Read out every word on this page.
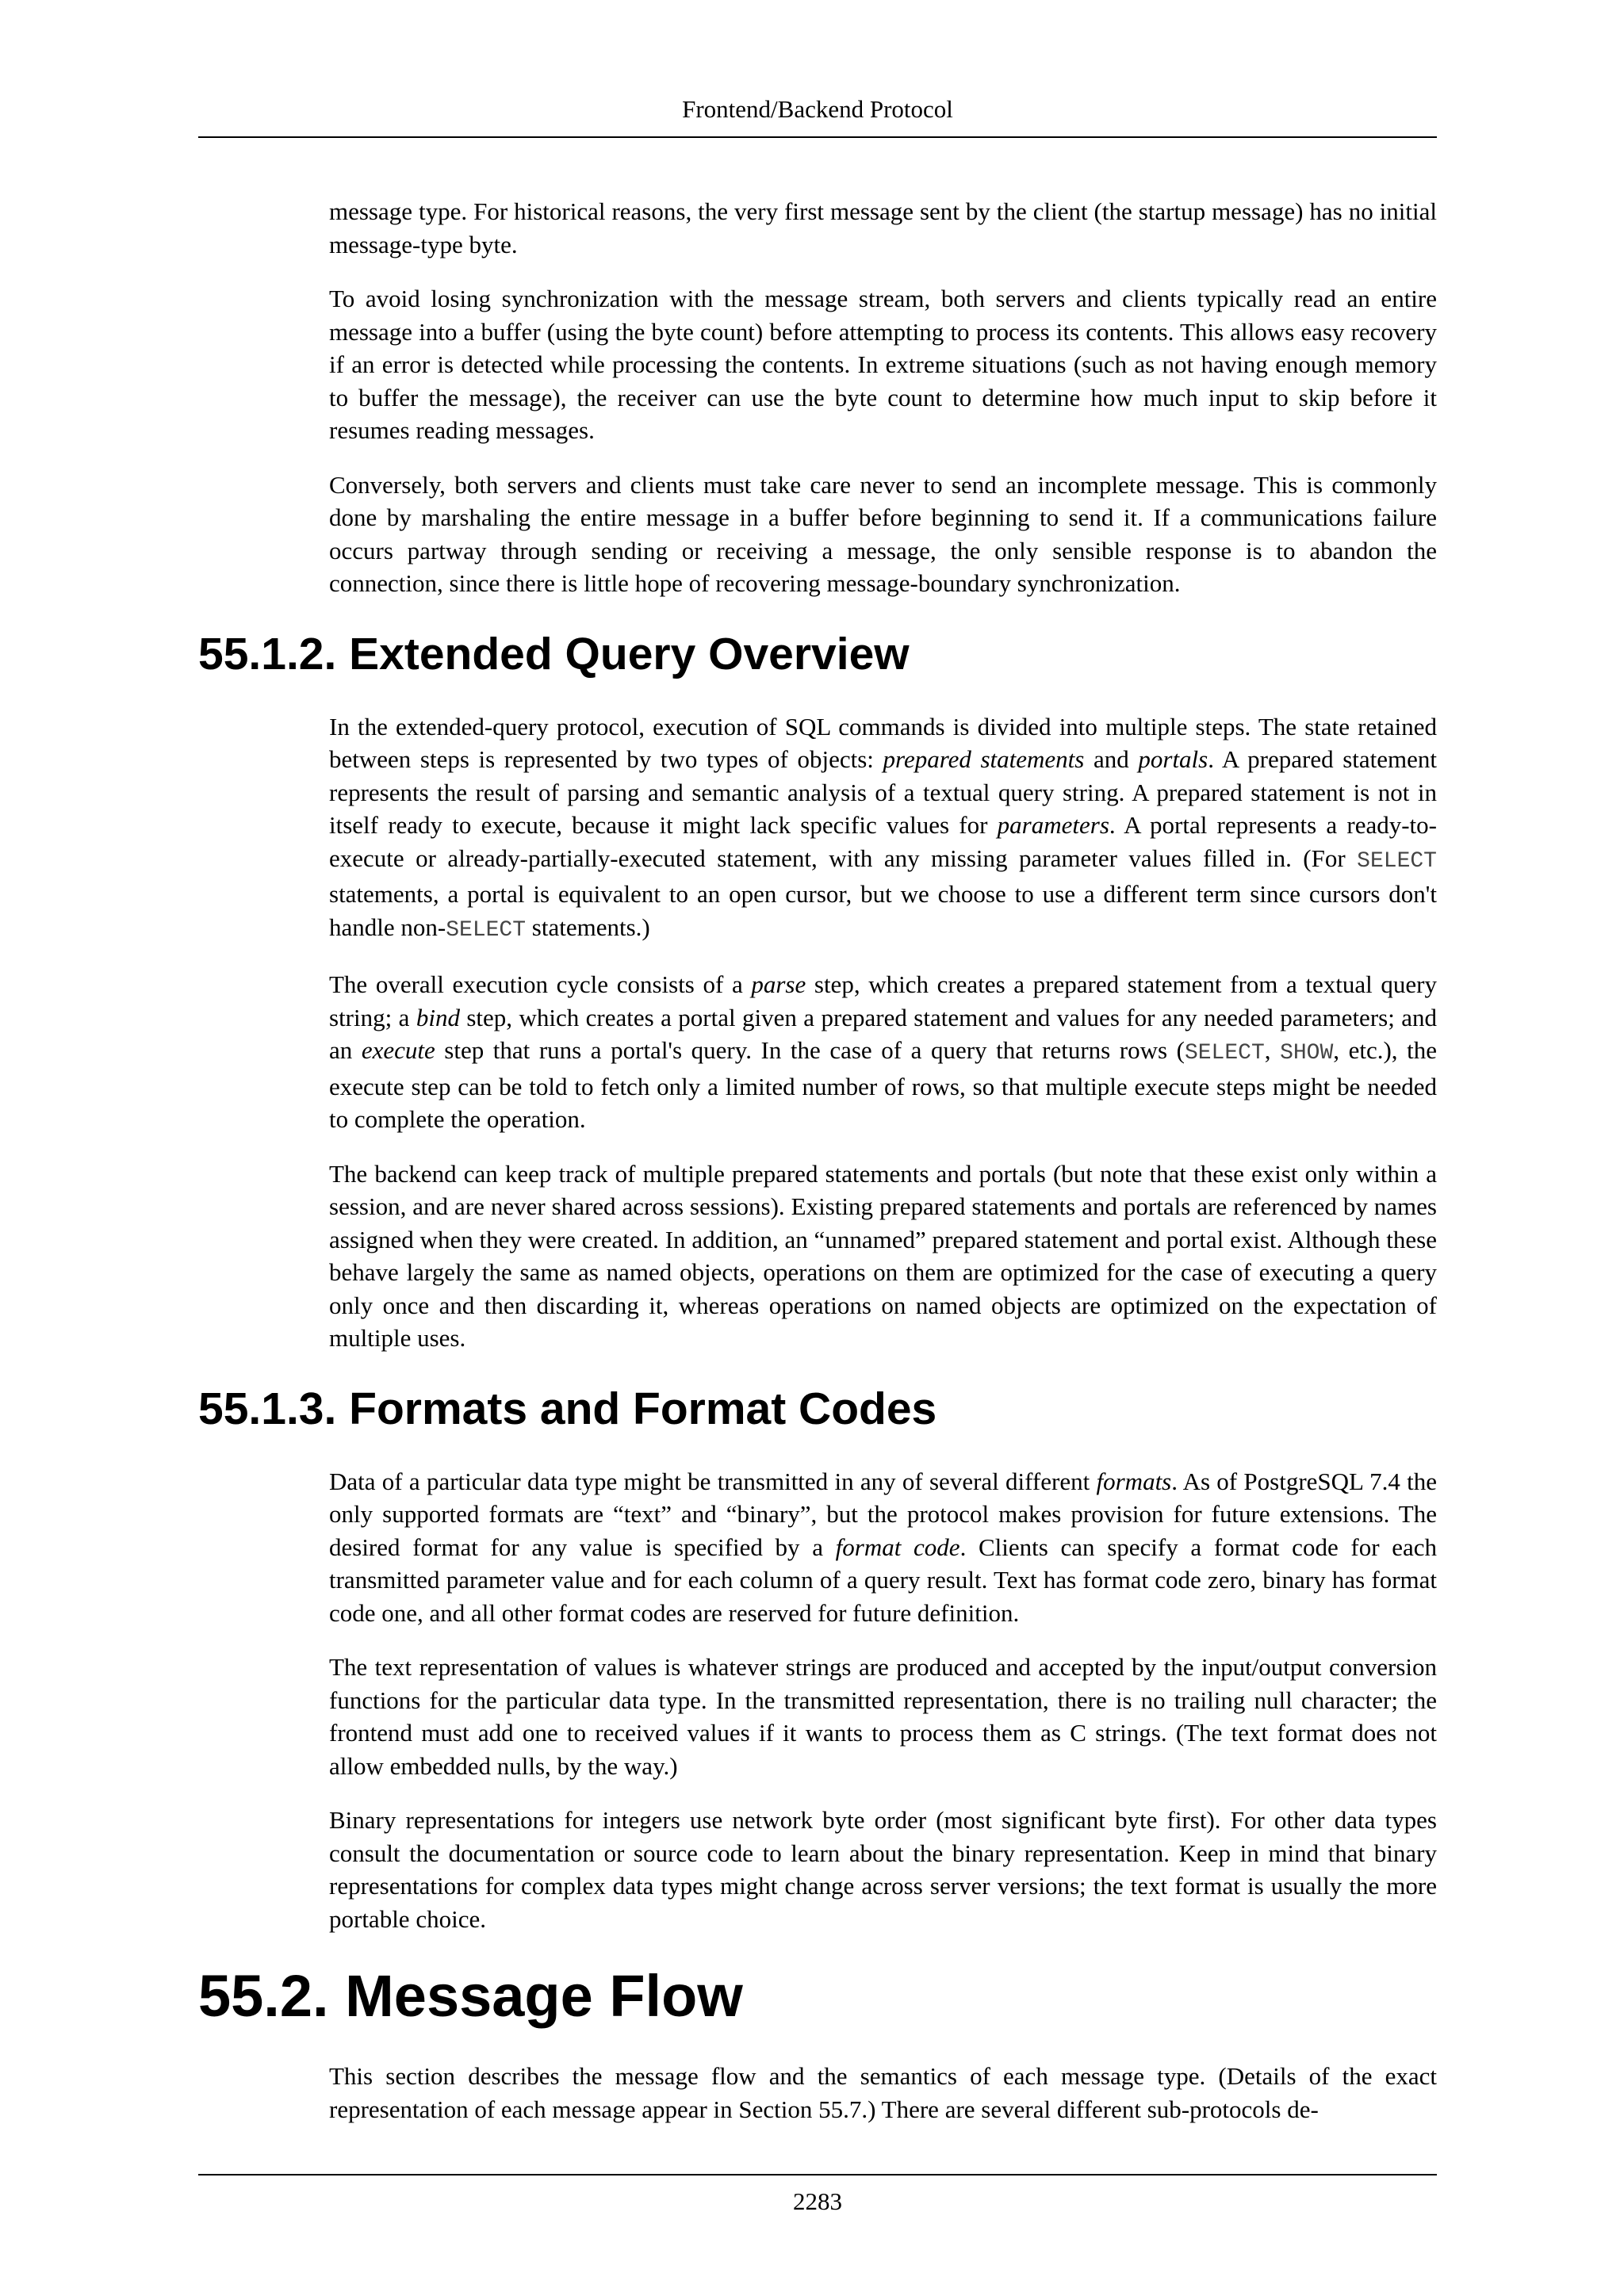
Frontend/Backend Protocol

message type. For historical reasons, the very first message sent by the client (the startup message) has no initial message-type byte.

To avoid losing synchronization with the message stream, both servers and clients typically read an entire message into a buffer (using the byte count) before attempting to process its contents. This allows easy recovery if an error is detected while processing the contents. In extreme situations (such as not having enough memory to buffer the message), the receiver can use the byte count to determine how much input to skip before it resumes reading messages.

Conversely, both servers and clients must take care never to send an incomplete message. This is commonly done by marshaling the entire message in a buffer before beginning to send it. If a communications failure occurs partway through sending or receiving a message, the only sensible response is to abandon the connection, since there is little hope of recovering message-boundary synchronization.

55.1.2. Extended Query Overview

In the extended-query protocol, execution of SQL commands is divided into multiple steps. The state retained between steps is represented by two types of objects: prepared statements and portals. A prepared statement represents the result of parsing and semantic analysis of a textual query string. A prepared statement is not in itself ready to execute, because it might lack specific values for parameters. A portal represents a ready-to-execute or already-partially-executed statement, with any missing parameter values filled in. (For SELECT statements, a portal is equivalent to an open cursor, but we choose to use a different term since cursors don't handle non-SELECT statements.)

The overall execution cycle consists of a parse step, which creates a prepared statement from a textual query string; a bind step, which creates a portal given a prepared statement and values for any needed parameters; and an execute step that runs a portal's query. In the case of a query that returns rows (SELECT, SHOW, etc.), the execute step can be told to fetch only a limited number of rows, so that multiple execute steps might be needed to complete the operation.

The backend can keep track of multiple prepared statements and portals (but note that these exist only within a session, and are never shared across sessions). Existing prepared statements and portals are referenced by names assigned when they were created. In addition, an “unnamed” prepared statement and portal exist. Although these behave largely the same as named objects, operations on them are optimized for the case of executing a query only once and then discarding it, whereas operations on named objects are optimized on the expectation of multiple uses.

55.1.3. Formats and Format Codes

Data of a particular data type might be transmitted in any of several different formats. As of PostgreSQL 7.4 the only supported formats are “text” and “binary”, but the protocol makes provision for future extensions. The desired format for any value is specified by a format code. Clients can specify a format code for each transmitted parameter value and for each column of a query result. Text has format code zero, binary has format code one, and all other format codes are reserved for future definition.

The text representation of values is whatever strings are produced and accepted by the input/output conversion functions for the particular data type. In the transmitted representation, there is no trailing null character; the frontend must add one to received values if it wants to process them as C strings. (The text format does not allow embedded nulls, by the way.)

Binary representations for integers use network byte order (most significant byte first). For other data types consult the documentation or source code to learn about the binary representation. Keep in mind that binary representations for complex data types might change across server versions; the text format is usually the more portable choice.

55.2. Message Flow

This section describes the message flow and the semantics of each message type. (Details of the exact representation of each message appear in Section 55.7.) There are several different sub-protocols de-

2283
